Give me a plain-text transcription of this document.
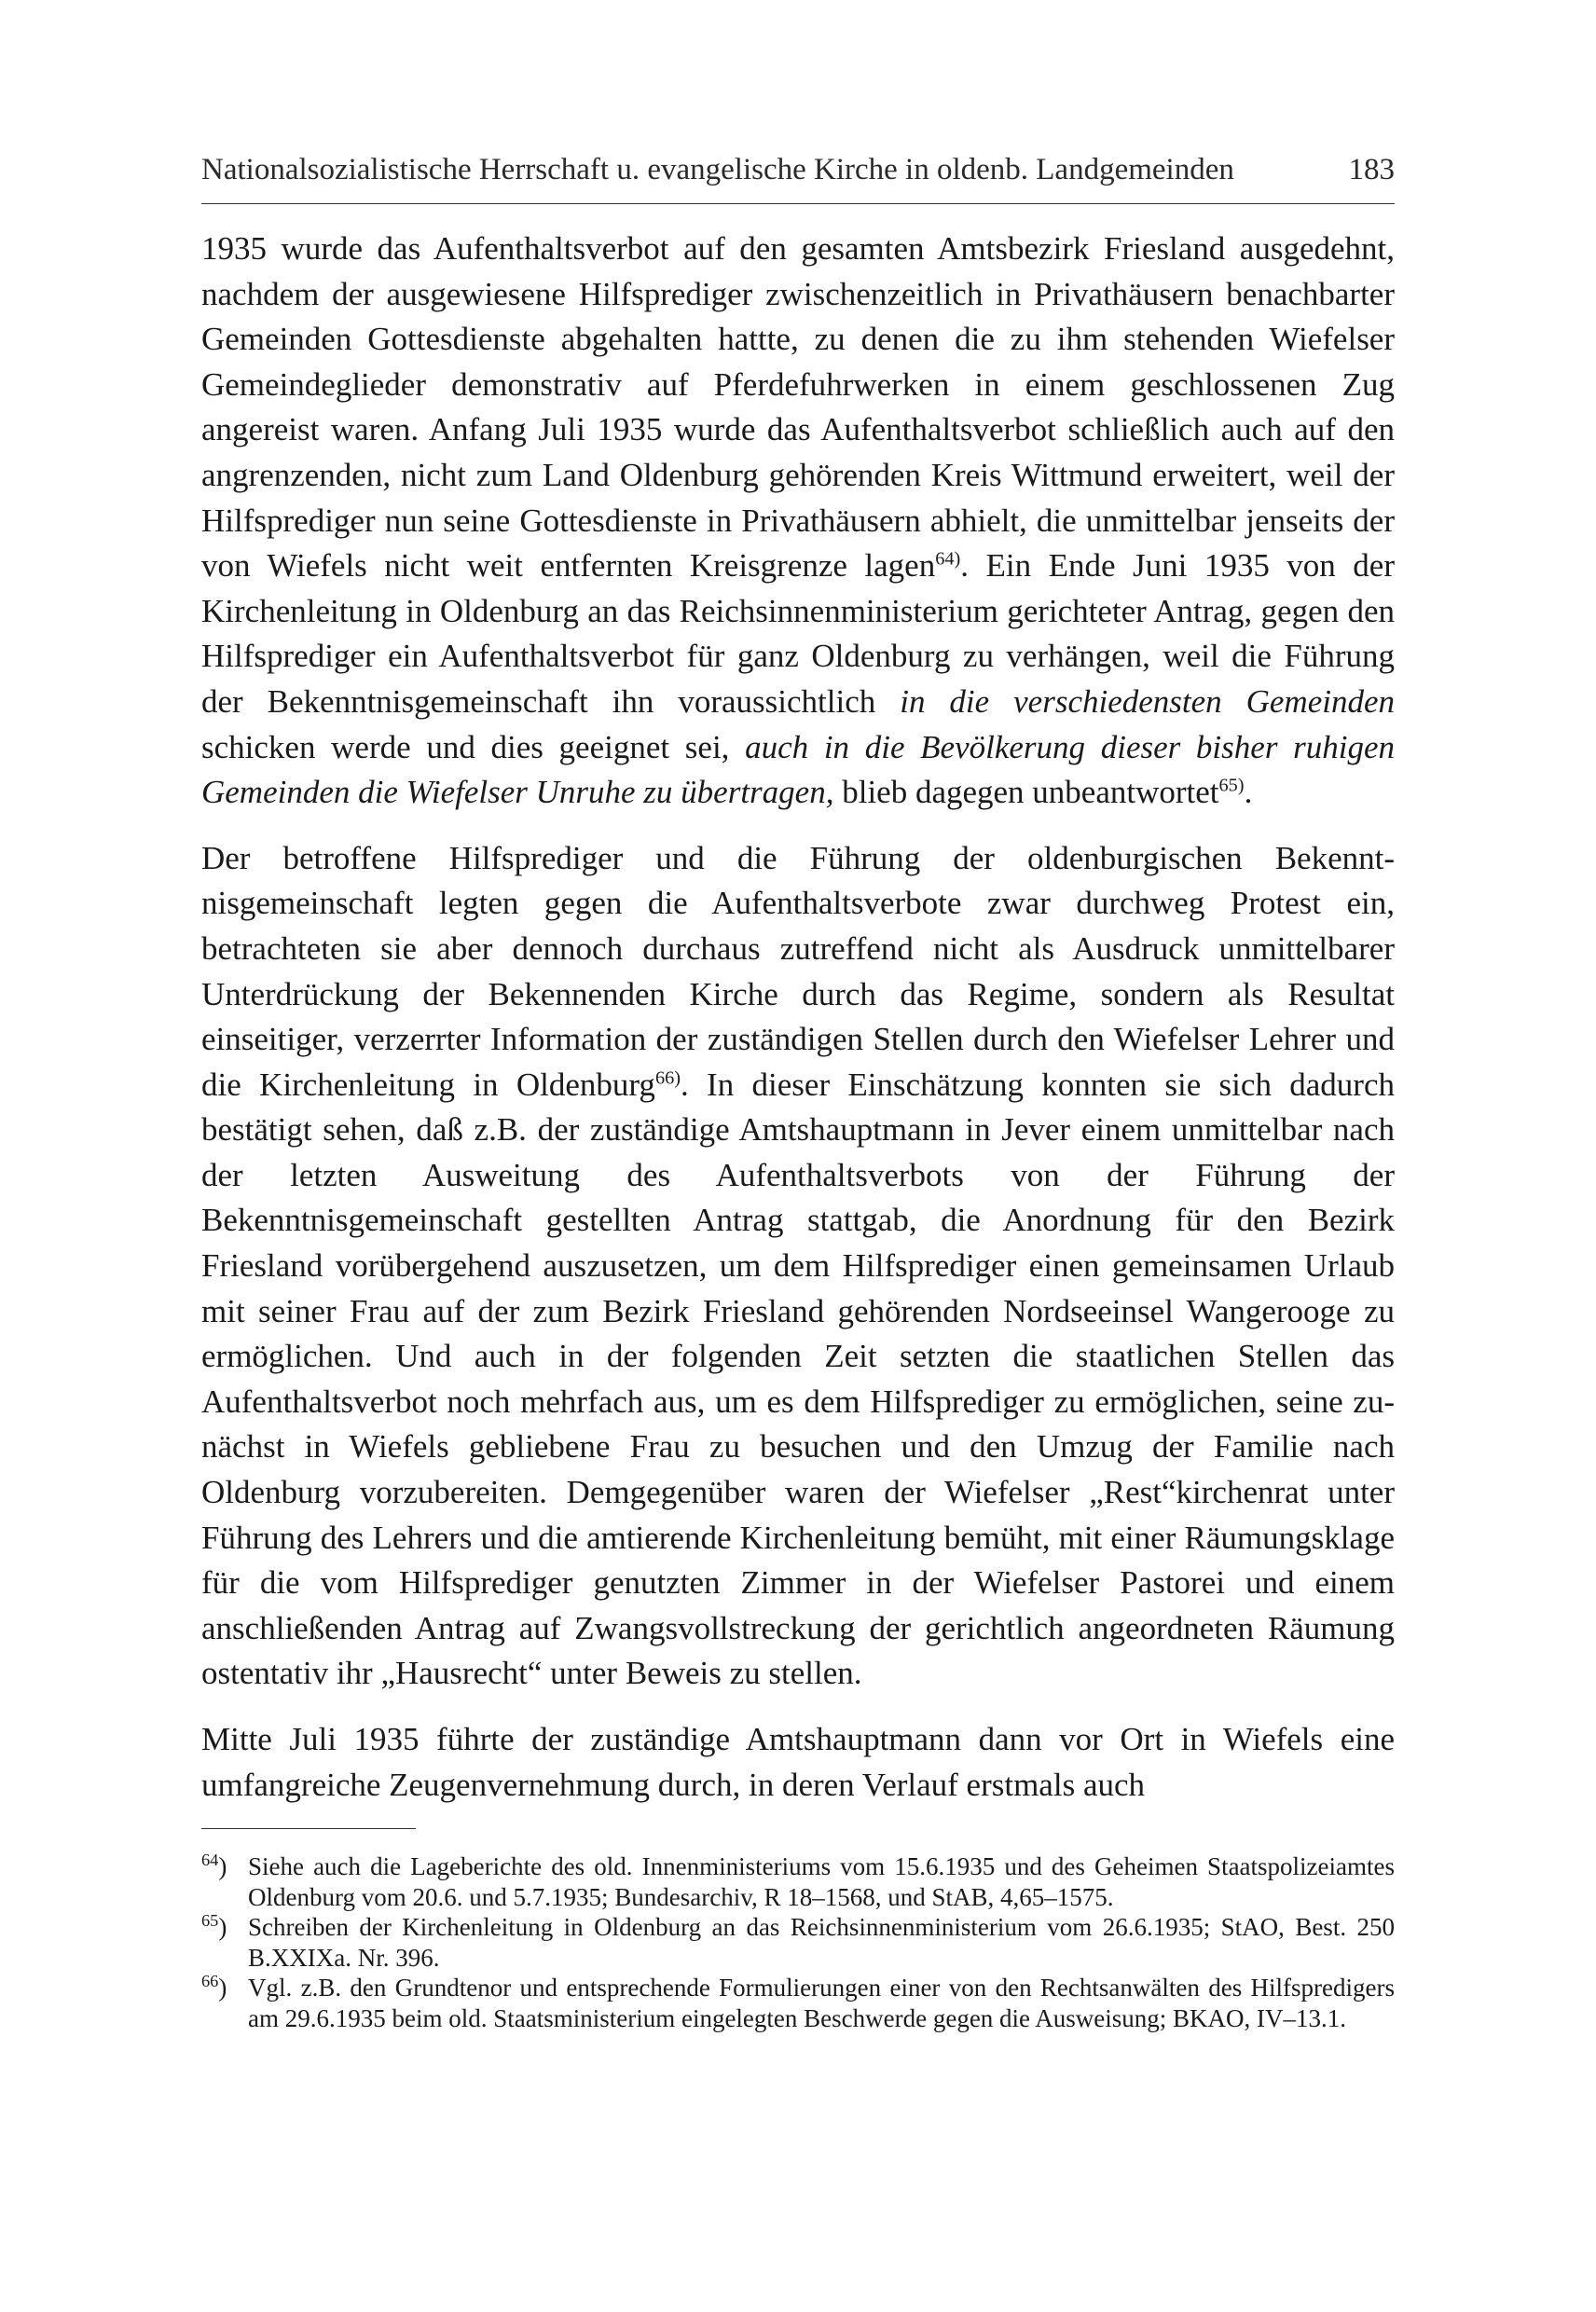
Nationalsozialistische Herrschaft u. evangelische Kirche in oldenb. Landgemeinden	183

1935 wurde das Aufenthaltsverbot auf den gesamten Amtsbezirk Friesland ausgedehnt, nachdem der ausgewiesene Hilfsprediger zwischenzeitlich in Privathäusern benachbarter Gemeinden Gottesdienste abgehalten hattte, zu denen die zu ihm stehenden Wiefelser Gemeindeglieder demonstrativ auf Pferdefuhrwerken in einem geschlossenen Zug angereist waren. Anfang Juli 1935 wurde das Aufenthaltsverbot schließlich auch auf den angrenzenden, nicht zum Land Oldenburg gehörenden Kreis Wittmund erweitert, weil der Hilfsprediger nun seine Gottesdienste in Privathäusern abhielt, die unmittelbar jenseits der von Wiefels nicht weit entfernten Kreisgrenze lagen$^{64)}$. Ein Ende Juni 1935 von der Kirchenleitung in Oldenburg an das Reichsinnenministerium gerichteter Antrag, gegen den Hilfsprediger ein Aufenthaltsverbot für ganz Oldenburg zu verhängen, weil die Führung der Bekenntnisgemeinschaft ihn voraussichtlich in die verschiedensten Gemeinden schicken werde und dies geeignet sei, auch in die Bevölkerung dieser bisher ruhigen Gemeinden die Wiefelser Unruhe zu übertragen, blieb dagegen unbeantwortet$^{65)}$.

Der betroffene Hilfsprediger und die Führung der oldenburgischen Bekenntnisgemeinschaft legten gegen die Aufenthaltsverbote zwar durchweg Protest ein, betrachteten sie aber dennoch durchaus zutreffend nicht als Ausdruck unmittelbarer Unterdrückung der Bekennenden Kirche durch das Regime, sondern als Resultat einseitiger, verzerrter Information der zuständigen Stellen durch den Wiefelser Lehrer und die Kirchenleitung in Oldenburg$^{66)}$. In dieser Einschätzung konnten sie sich dadurch bestätigt sehen, daß z.B. der zuständige Amtshauptmann in Jever einem unmittelbar nach der letzten Ausweitung des Aufenthaltsverbots von der Führung der Bekenntnisgemeinschaft gestellten Antrag stattgab, die Anordnung für den Bezirk Friesland vorübergehend auszusetzen, um dem Hilfsprediger einen gemeinsamen Urlaub mit seiner Frau auf der zum Bezirk Friesland gehörenden Nordseeinsel Wangerooge zu ermöglichen. Und auch in der folgenden Zeit setzten die staatlichen Stellen das Aufenthaltsverbot noch mehrfach aus, um es dem Hilfsprediger zu ermöglichen, seine zunächst in Wiefels gebliebene Frau zu besuchen und den Umzug der Familie nach Oldenburg vorzubereiten. Demgegenüber waren der Wiefelser „Rest“kirchenrat unter Führung des Lehrers und die amtierende Kirchenleitung bemüht, mit einer Räumungsklage für die vom Hilfsprediger genutzten Zimmer in der Wiefelser Pastorei und einem anschließenden Antrag auf Zwangsvollstreckung der gerichtlich angeordneten Räumung ostentativ ihr „Hausrecht“ unter Beweis zu stellen.

Mitte Juli 1935 führte der zuständige Amtshauptmann dann vor Ort in Wiefels eine umfangreiche Zeugenvernehmung durch, in deren Verlauf erstmals auch

$^{64}$) Siehe auch die Lageberichte des old. Innenministeriums vom 15.6.1935 und des Geheimen Staatspolizeiamtes Oldenburg vom 20.6. und 5.7.1935; Bundesarchiv, R 18–1568, und StAB, 4,65–1575.
$^{65}$) Schreiben der Kirchenleitung in Oldenburg an das Reichsinnenministerium vom 26.6.1935; StAO, Best. 250 B.XXIXa. Nr. 396.
$^{66}$) Vgl. z.B. den Grundtenor und entsprechende Formulierungen einer von den Rechtsanwälten des Hilfspredigers am 29.6.1935 beim old. Staatsministerium eingelegten Beschwerde gegen die Ausweisung; BKAO, IV–13.1.
